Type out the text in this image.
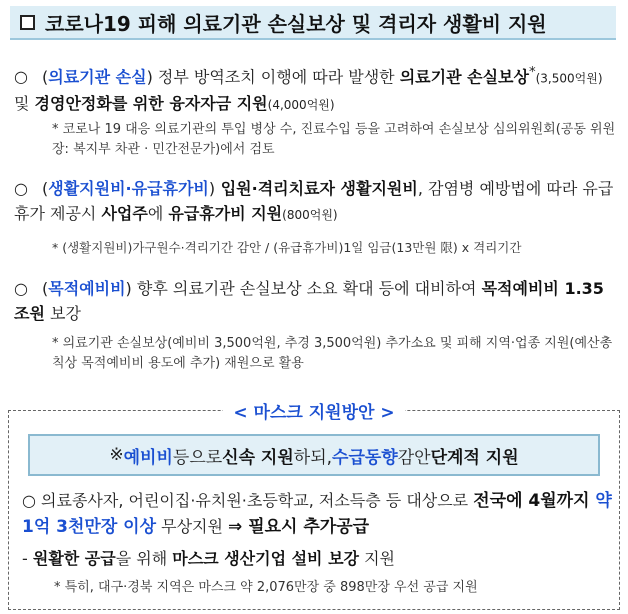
코로나19 피해 의료기관 손실보상 및 격리자 생활비 지원
○ (의료기관 손실) 정부 방역조치 이행에 따라 발생한 의료기관 손실보상*(3,500억원) 및 경영안정화를 위한 융자자금 지원(4,000억원)
* 코로나 19 대응 의료기관의 투입 병상 수, 진료수입 등을 고려하여 손실보상 심의위원회(공동 위원장: 복지부 차관 · 민간전문가)에서 검토
○ (생활지원비·유급휴가비) 입원·격리치료자 생활지원비, 감염병 예방법에 따라 유급휴가 제공시 사업주에 유급휴가비 지원(800억원)
* (생활지원비)가구원수·격리기간 감안 / (유급휴가비)1일 임금(13만원 限) x 격리기간
○ (목적예비비) 향후 의료기관 손실보상 소요 확대 등에 대비하여 목적예비비 1.35조원 보강
* 의료기관 손실보상(예비비 3,500억원, 추경 3,500억원) 추가소요 및 피해 지역·업종 지원(예산총칙상 목적예비비 용도에 추가) 재원으로 활용
< 마스크 지원방안 >
※ 예비비 등으로 신속 지원 하되, 수급동향 감안 단계적 지원
○ 의료종사자, 어린이집·유치원·초등학교, 저소득층 등 대상으로 전국에 4월까지 약 1억 3천만장 이상 무상지원 ⇒ 필요시 추가공급
- 원활한 공급을 위해 마스크 생산기업 설비 보강 지원
* 특히, 대구·경북 지역은 마스크 약 2,076만장 중 898만장 우선 공급 지원
